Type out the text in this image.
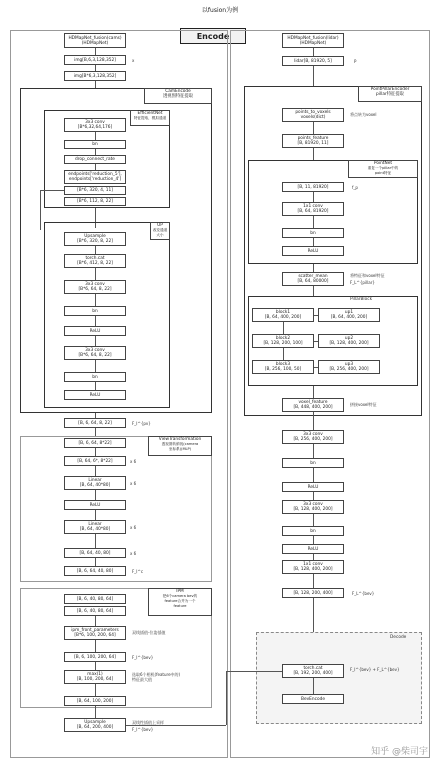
以fusion为例
Encode
HDMapNet_fusion(cams)
(HDMapNet)
img[B,6,3,128,352]	x
img[B*6,3,128,352]
CamEncode
透视图特征提取
EfficientNet
特征提取，模拟通道
3x3 conv
[B*6,32,64,176]
bn
drop_connect_rate
endpoints['reduction_5'],
endpoints['reduction_4']
[B*6, 320, 4, 11]
[B*6, 112, 8, 22]
UP
改变通道
大小
Upsample
[B*6, 320, 8, 22]
torch.cat
[B*6, 412, 8, 22]
3x3 conv
[B*6, 64, 8, 22]
bn
ReLU
3x3 conv
[B*6, 64, 8, 22]
bn
ReLU
[B, 6, 64, 8, 22]	F_I^{pv}
ViewTransformation
透视图转俯视(camera
坐标系)(MLP)
[B, 6, 64, 8*22]
[B, 64, 6*, 8*22]	x 6
Linear
[B, 64, 40*80]	x 6
ReLU
Linear
[B, 64, 40*80]	x 6
[B, 64, 40, 80]	x 6
[B, 6, 64, 40, 80]	F_I^c
IPM
把6个camera bev的
feature合并为一个
feature
[B, 6, 40, 80, 64]
[B, 6, 40, 80, 64]
ipm_front_parameters
[B*6, 100, 200, 64]
双线插值-位姿插值
[B, 6, 100, 200, 64]	F_I^{bev}
max(1)
[B, 100, 200, 64]
选取6个相机(feature中的)
特征最大值
[B, 64, 100, 200]
Upsample
[B, 64, 200, 400]
双线性插值上采样
F_I^{bev}
HDMapNet_fusion(lidar)
(HDMapNet)
lidar[B, 81920, 5]	P
PointPillarEncoder
pillar特征提取
points_to_voxels
voxels(dict)
将点转为voxel
points_feature
[B, 81920, 11]
PointNet
重复一个pillar中的
point特征
[B, 11, 81920]	f_p
1x1 conv
[B, 64, 81920]
bn
ReLU
scatter_mean
[B, 64, 80000]
将特征和voxel特征
F_L^{pillar}
PillarBlock
block1
[B, 64, 400, 200]
up1
[B, 64, 400, 200]
block2
[B, 128, 200, 100]
up2
[B, 128, 400, 200]
block3
[B, 256, 100, 50]
up3
[B, 256, 400, 200]
voxel_feature
[B, 448, 400, 200]
拼接voxel特征
3x3 conv
[B, 256, 400, 200]
bn
ReLU
3x3 conv
[B, 128, 400, 200]
bn
ReLU
1x1 conv
[B, 128, 400, 200]
[B, 128, 200, 400]	F_L^{bev}
Decode
torch.cat
[B, 192, 200, 400]
F_I^{bev} + F_L^{bev}
BevEncode
知乎 @柴司宇
